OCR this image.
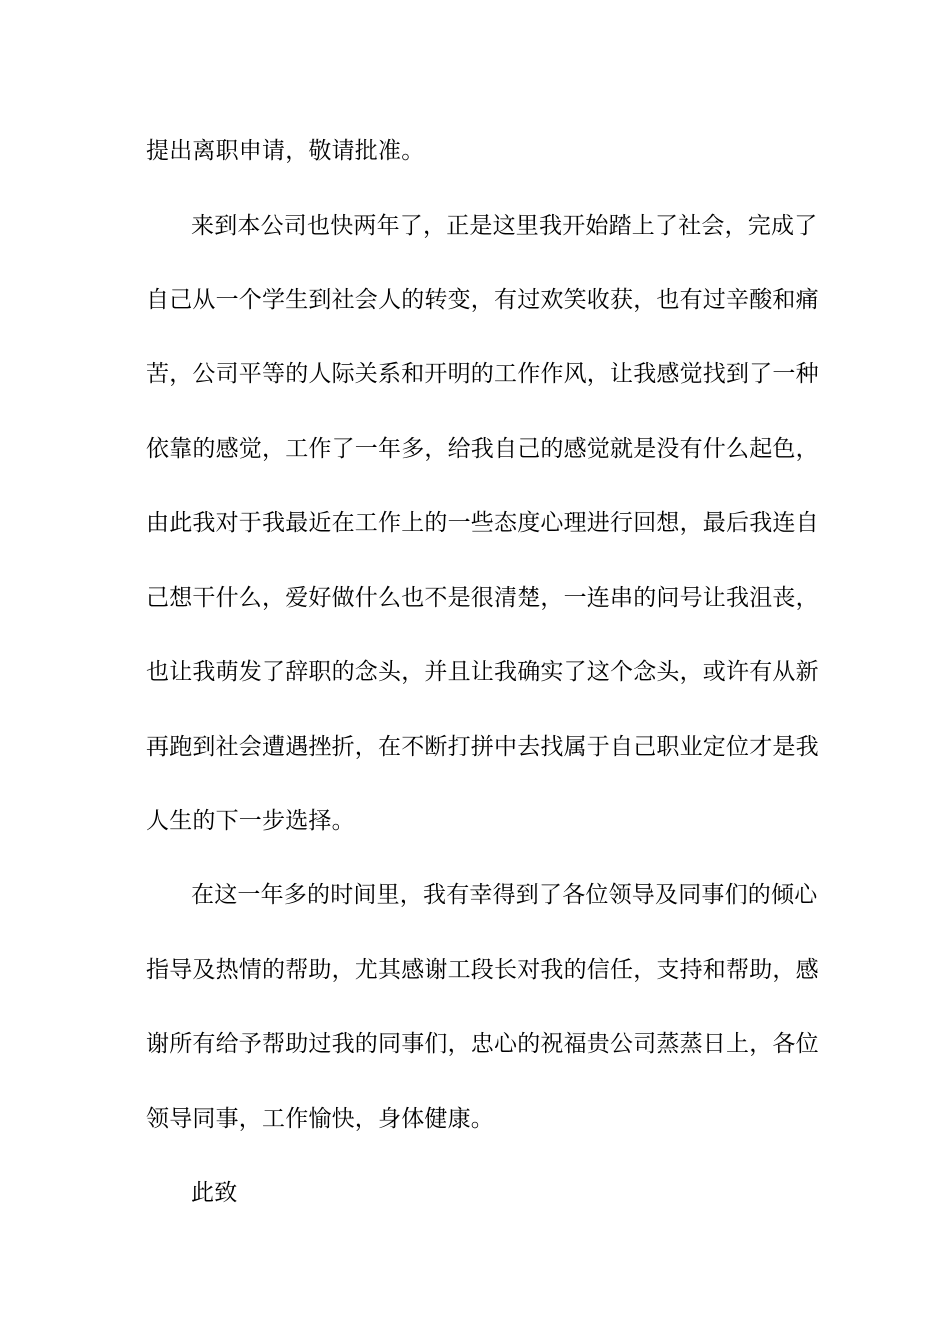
提出离职申请，敬请批准。
来到本公司也快两年了，正是这里我开始踏上了社会，完成了
自己从一个学生到社会人的转变，有过欢笑收获，也有过辛酸和痛
苦，公司平等的人际关系和开明的工作作风，让我感觉找到了一种
依靠的感觉，工作了一年多，给我自己的感觉就是没有什么起色，
由此我对于我最近在工作上的一些态度心理进行回想，最后我连自
己想干什么，爱好做什么也不是很清楚，一连串的问号让我沮丧，
也让我萌发了辞职的念头，并且让我确实了这个念头，或许有从新
再跑到社会遭遇挫折，在不断打拼中去找属于自己职业定位才是我
人生的下一步选择。
在这一年多的时间里，我有幸得到了各位领导及同事们的倾心
指导及热情的帮助，尤其感谢工段长对我的信任，支持和帮助，感
谢所有给予帮助过我的同事们，忠心的祝福贵公司蒸蒸日上，各位
领导同事，工作愉快，身体健康。
此致
